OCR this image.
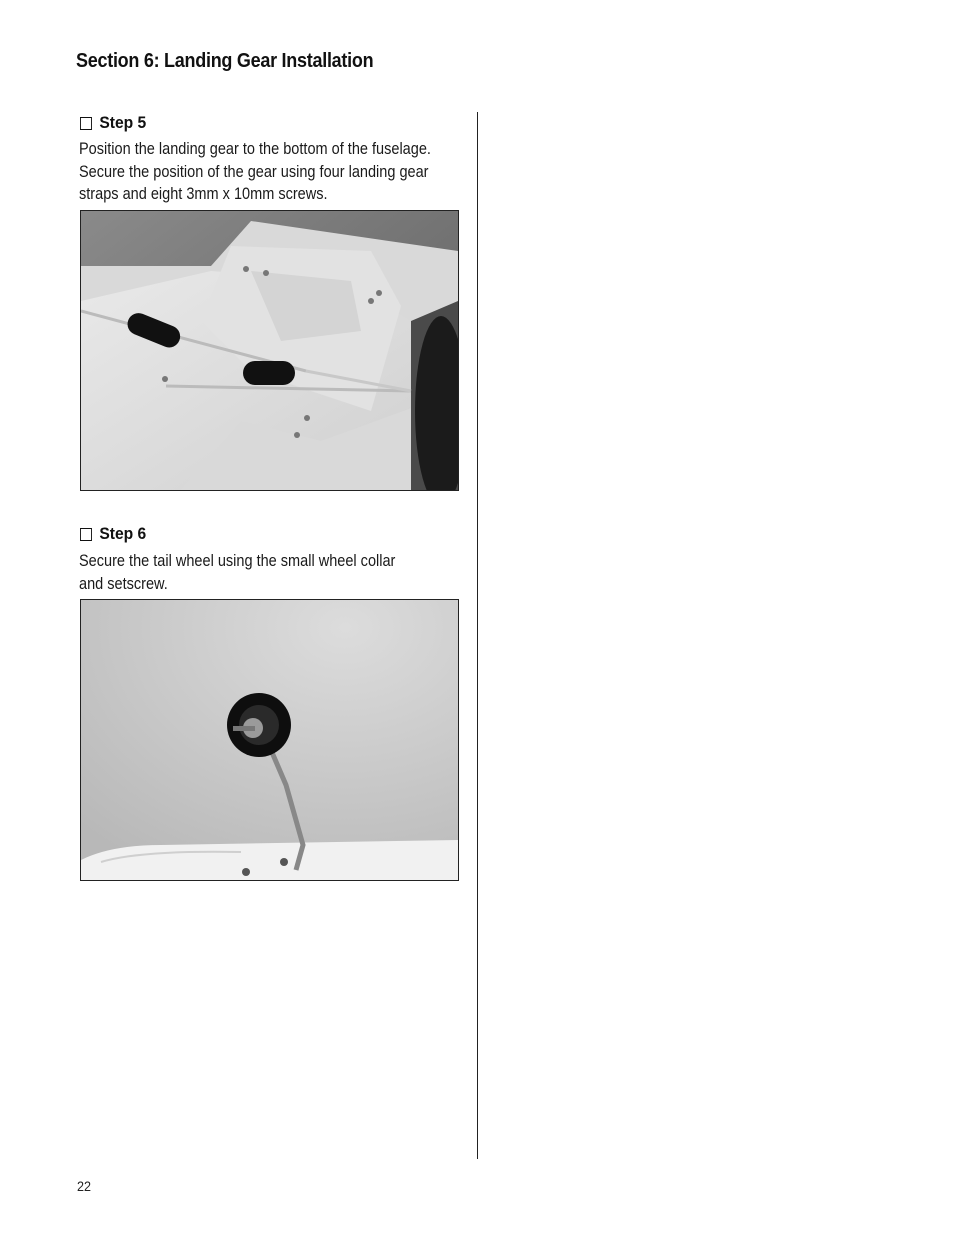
Section 6: Landing Gear Installation
Step 5
Position the landing gear to the bottom of the fuselage.
Secure the position of the gear using four landing gear
straps and eight 3mm x 10mm screws.
Step 6
Secure the tail wheel using the small wheel collar
and setscrew.
22
